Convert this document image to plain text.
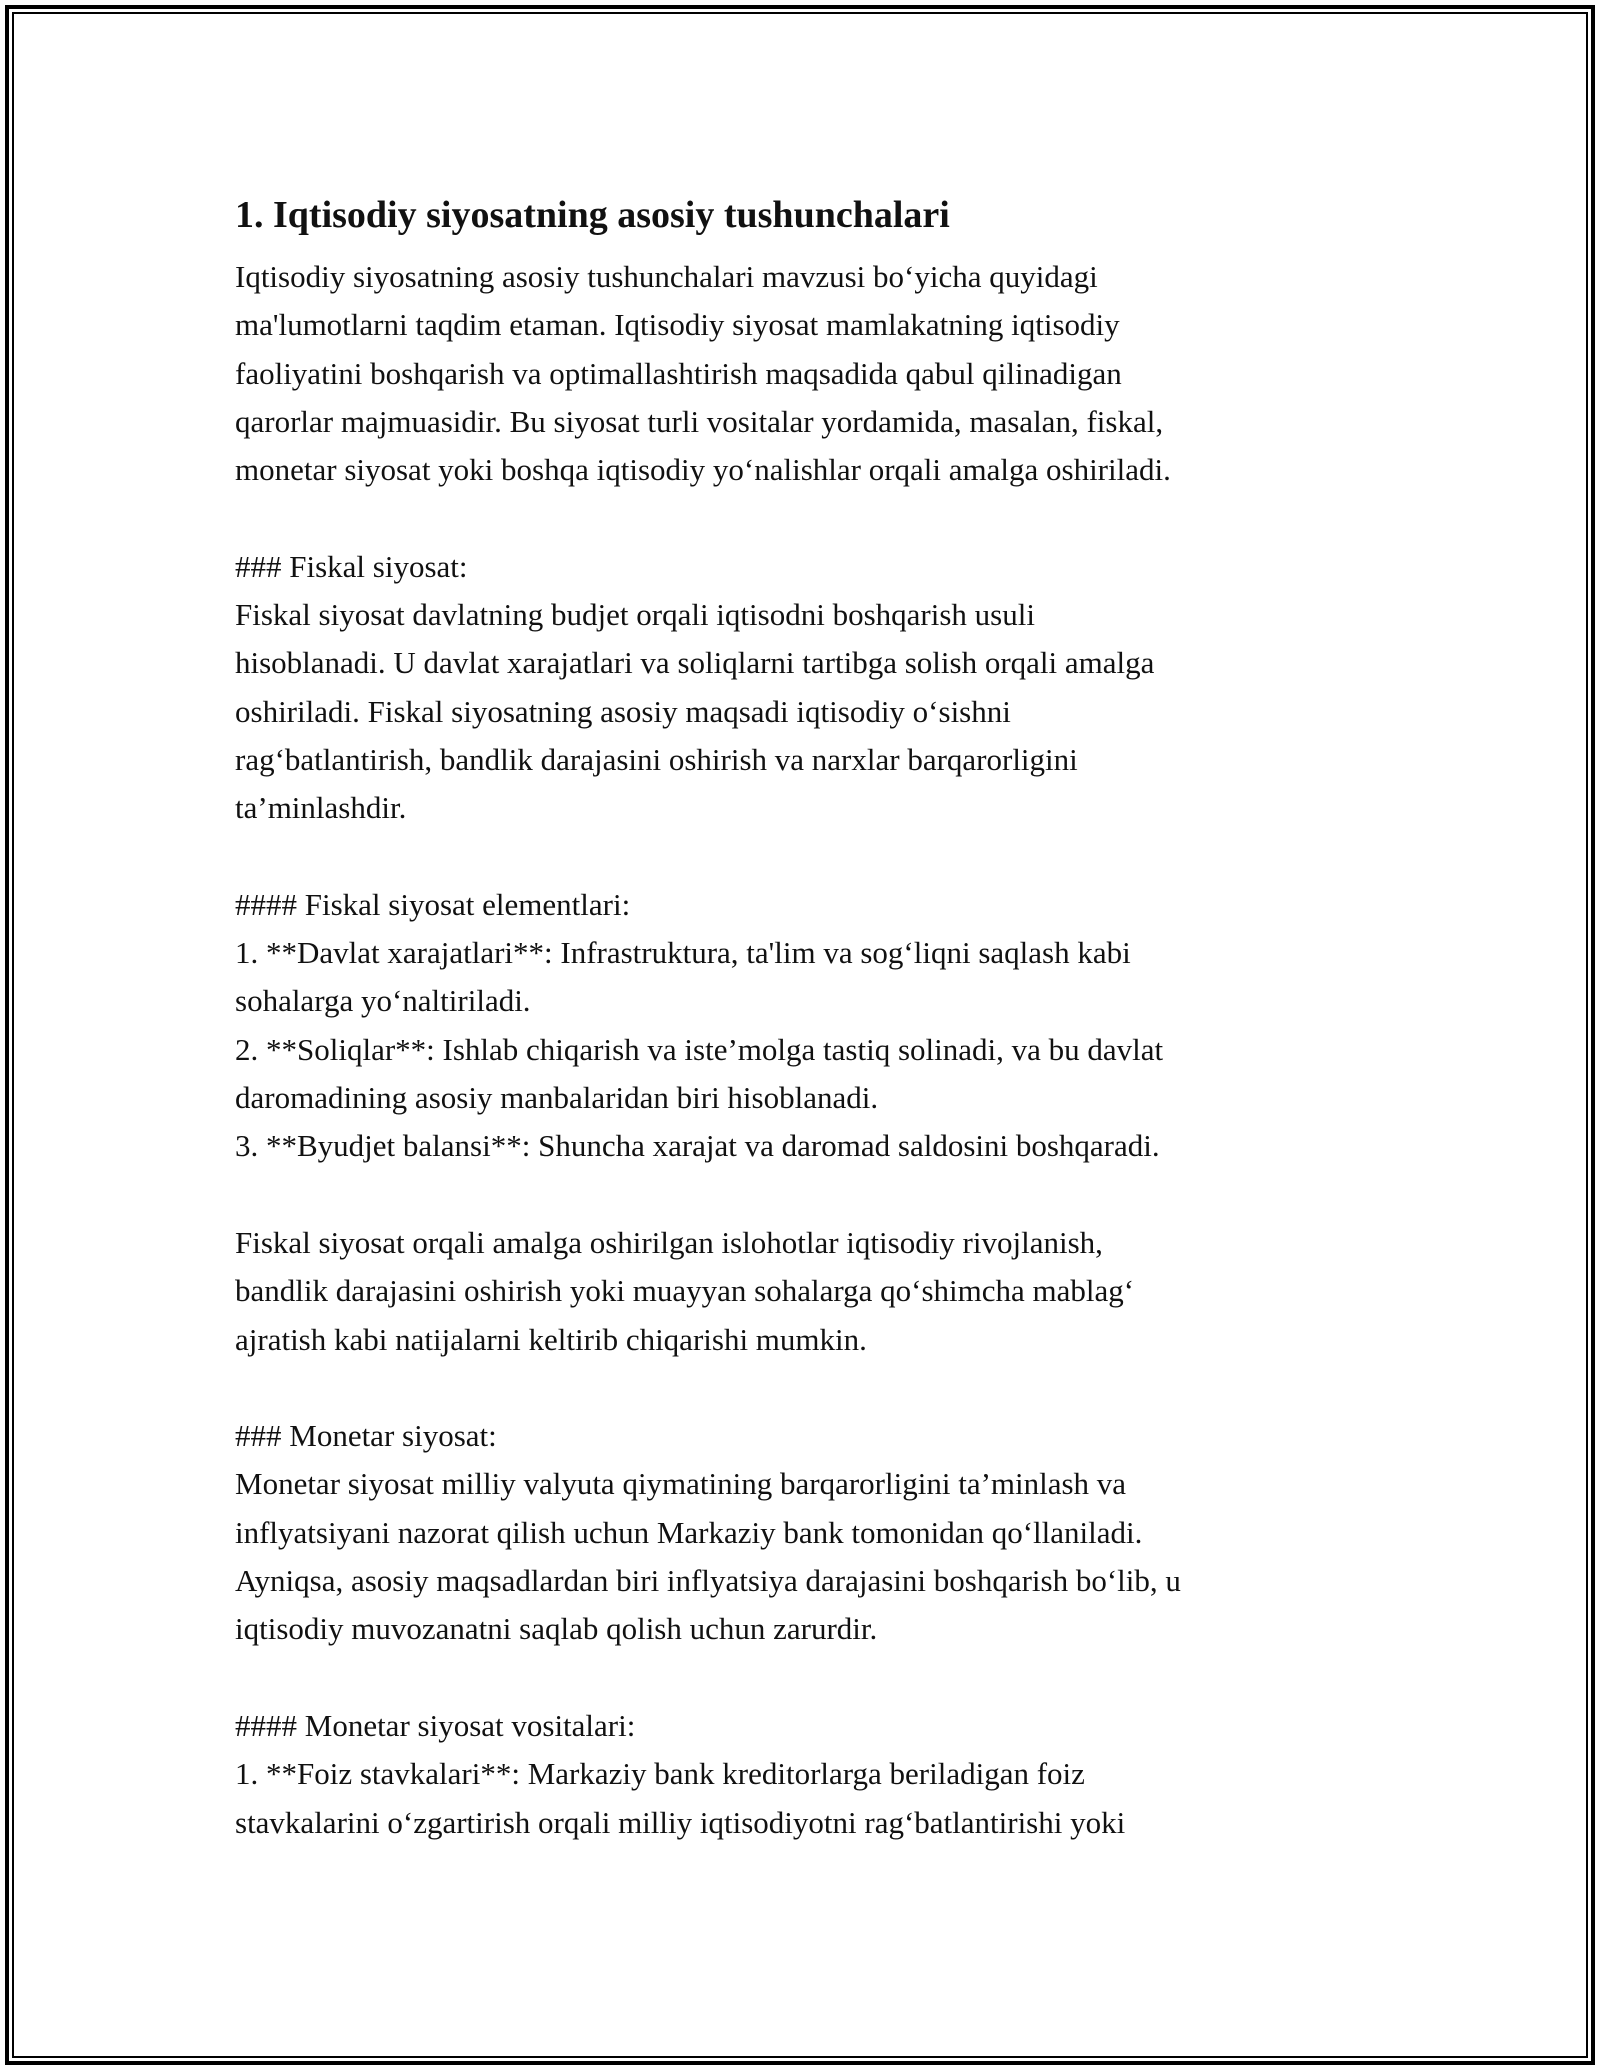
1. Iqtisodiy siyosatning asosiy tushunchalari
Iqtisodiy siyosatning asosiy tushunchalari mavzusi bo‘yicha quyidagi
ma'lumotlarni taqdim etaman. Iqtisodiy siyosat mamlakatning iqtisodiy
faoliyatini boshqarish va optimallashtirish maqsadida qabul qilinadigan
qarorlar majmuasidir. Bu siyosat turli vositalar yordamida, masalan, fiskal,
monetar siyosat yoki boshqa iqtisodiy yo‘nalishlar orqali amalga oshiriladi.
### Fiskal siyosat:
Fiskal siyosat davlatning budjet orqali iqtisodni boshqarish usuli
hisoblanadi. U davlat xarajatlari va soliqlarni tartibga solish orqali amalga
oshiriladi. Fiskal siyosatning asosiy maqsadi iqtisodiy o‘sishni
rag‘batlantirish, bandlik darajasini oshirish va narxlar barqarorligini
ta’minlashdir.
#### Fiskal siyosat elementlari:
1. **Davlat xarajatlari**: Infrastruktura, ta'lim va sog‘liqni saqlash kabi
sohalarga yo‘naltiriladi.
2. **Soliqlar**: Ishlab chiqarish va iste’molga tastiq solinadi, va bu davlat
daromadining asosiy manbalaridan biri hisoblanadi.
3. **Byudjet balansi**: Shuncha xarajat va daromad saldosini boshqaradi.
Fiskal siyosat orqali amalga oshirilgan islohotlar iqtisodiy rivojlanish,
bandlik darajasini oshirish yoki muayyan sohalarga qo‘shimcha mablag‘
ajratish kabi natijalarni keltirib chiqarishi mumkin.
### Monetar siyosat:
Monetar siyosat milliy valyuta qiymatining barqarorligini ta’minlash va
inflyatsiyani nazorat qilish uchun Markaziy bank tomonidan qo‘llaniladi.
Ayniqsa, asosiy maqsadlardan biri inflyatsiya darajasini boshqarish bo‘lib, u
iqtisodiy muvozanatni saqlab qolish uchun zarurdir.
#### Monetar siyosat vositalari:
1. **Foiz stavkalari**: Markaziy bank kreditorlarga beriladigan foiz
stavkalarini o‘zgartirish orqali milliy iqtisodiyotni rag‘batlantirishi yoki
